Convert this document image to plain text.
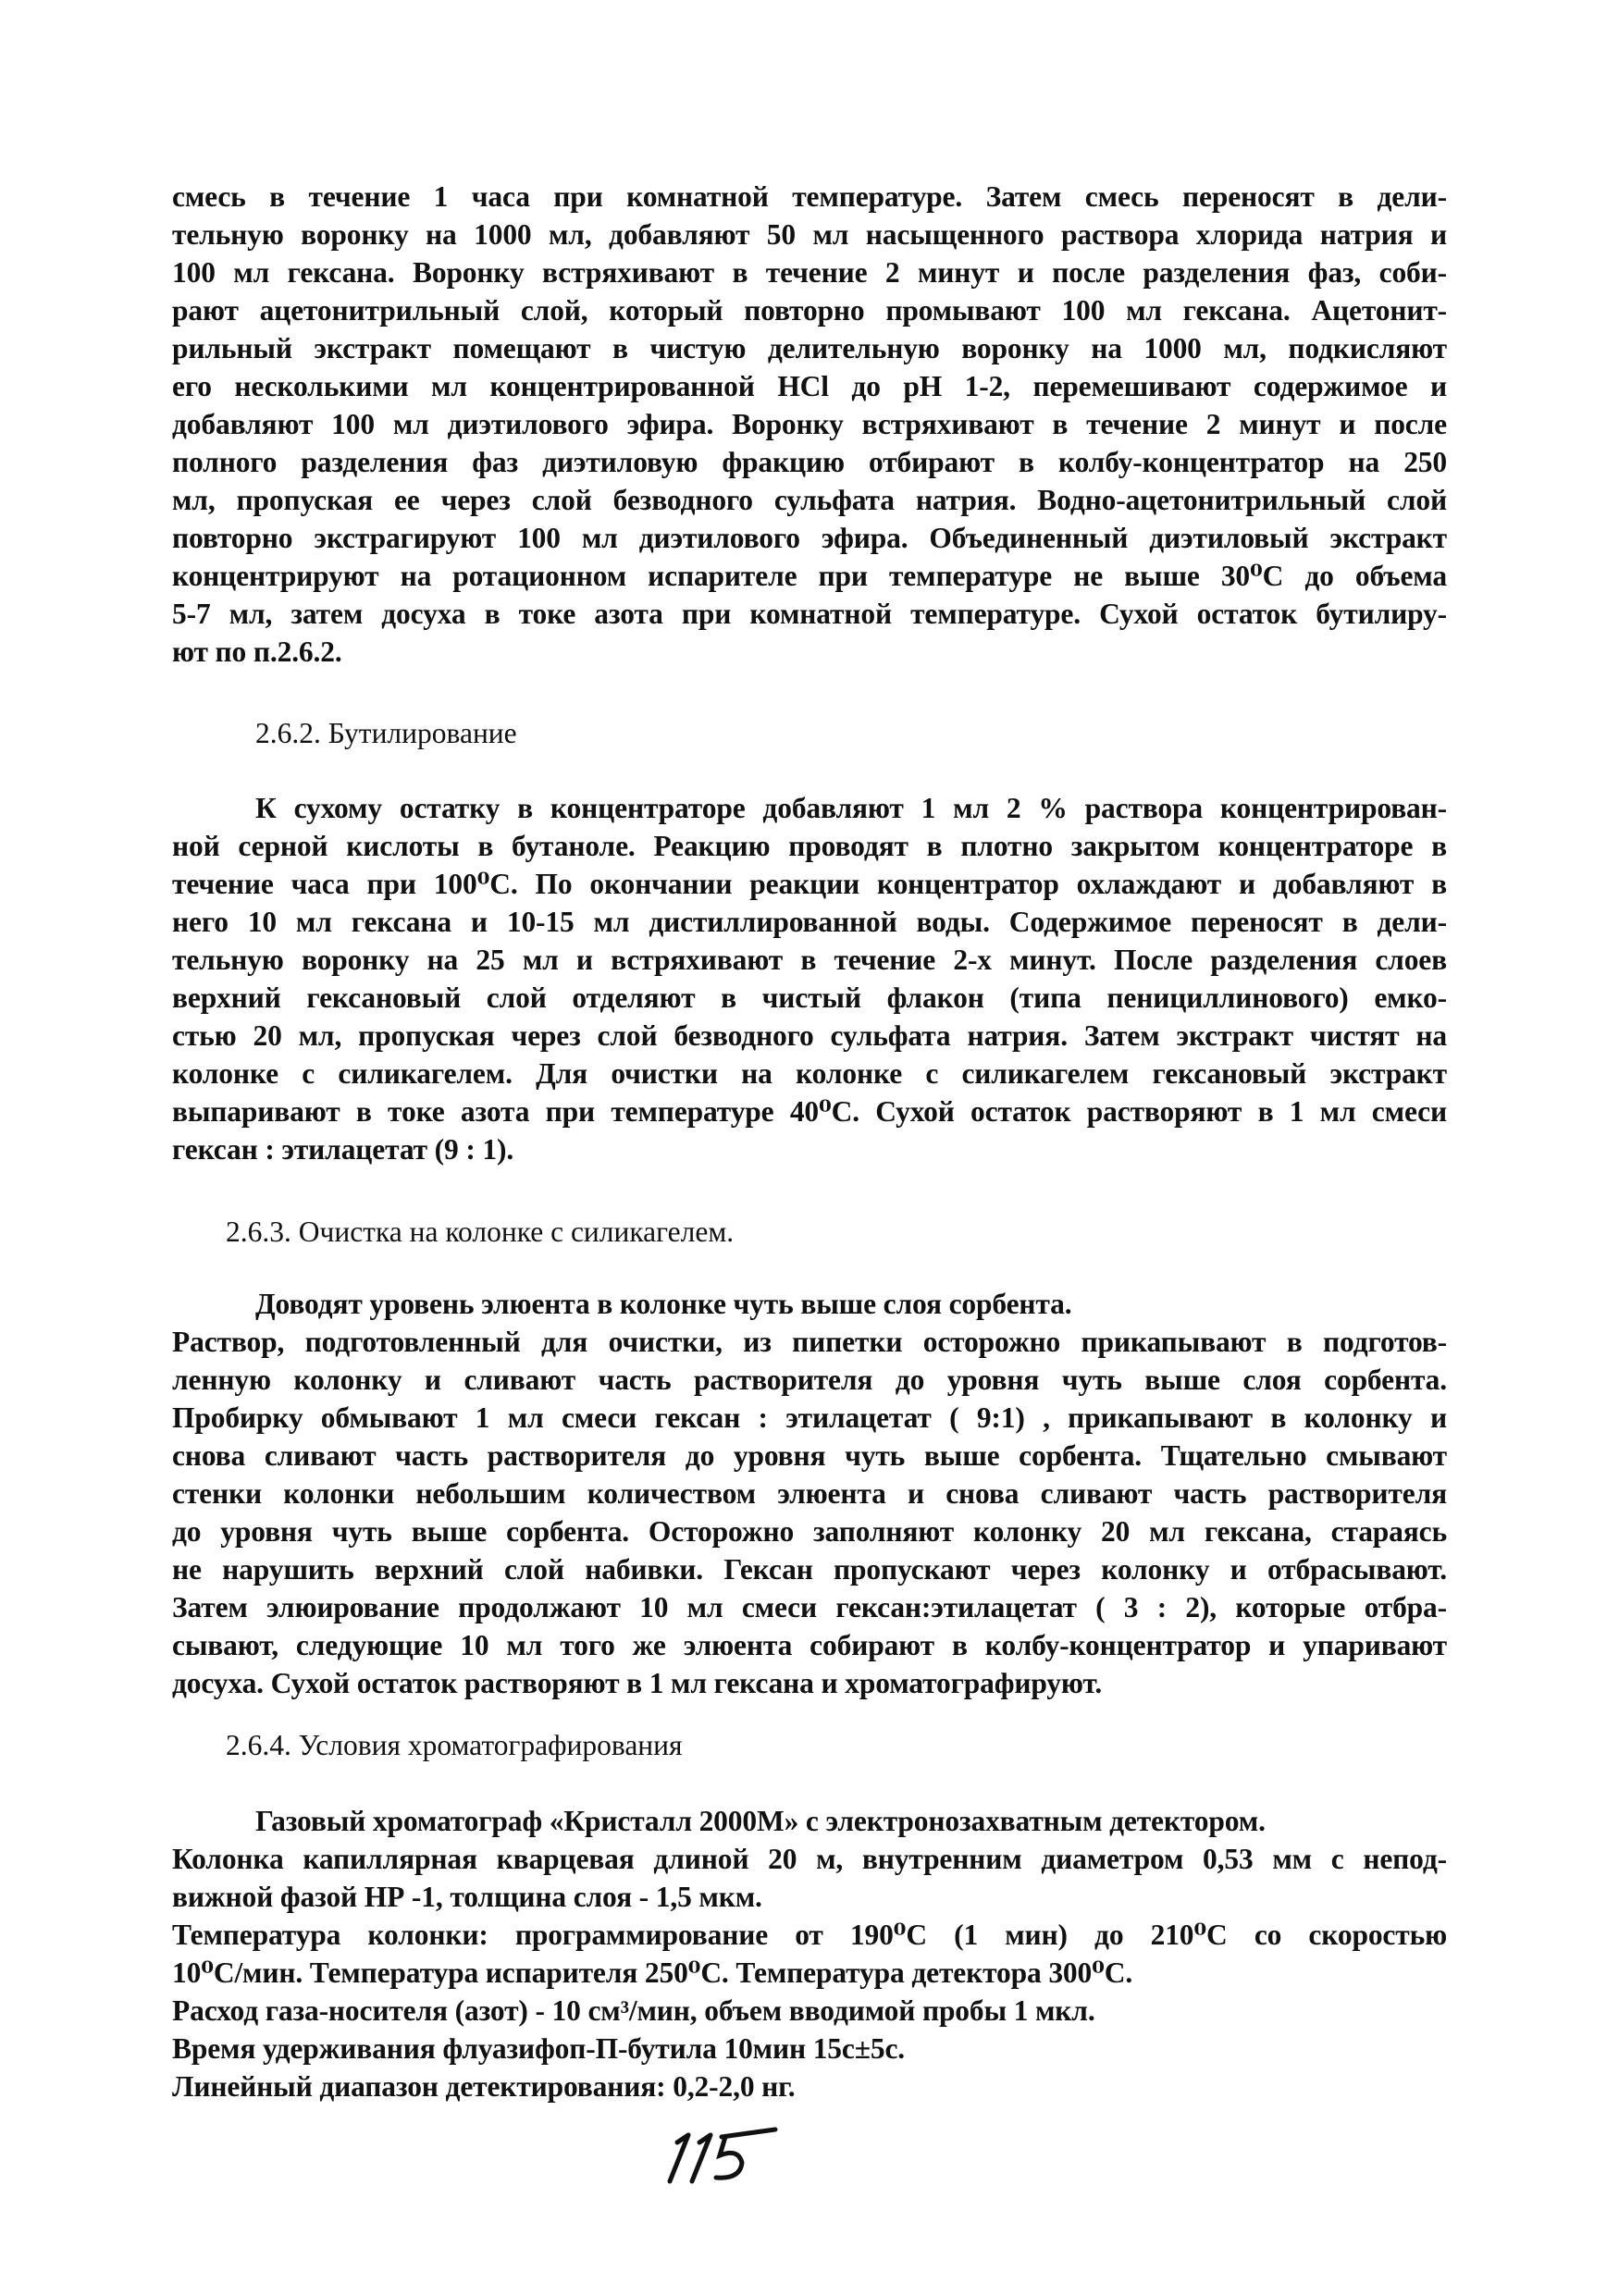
смесь в течение 1 часа при комнатной температуре. Затем смесь переносят в дели-
тельную воронку на 1000 мл, добавляют 50 мл насыщенного раствора хлорида натрия и
100 мл гексана. Воронку встряхивают в течение 2 минут и после разделения фаз, соби-
рают ацетонитрильный слой, который повторно промывают 100 мл гексана. Ацетонит-
рильный экстракт помещают в чистую делительную воронку на 1000 мл, подкисляют
его несколькими мл концентрированной HCl до рН 1-2, перемешивают содержимое и
добавляют 100 мл диэтилового эфира. Воронку встряхивают в течение 2 минут и после
полного разделения фаз диэтиловую фракцию отбирают в колбу-концентратор на 250
мл, пропуская ее через слой безводного сульфата натрия. Водно-ацетонитрильный слой
повторно экстрагируют 100 мл диэтилового эфира. Объединенный диэтиловый экстракт
концентрируют на ротационном испарителе при температуре не выше 30⁰С до объема
5-7 мл, затем досуха в токе азота при комнатной температуре. Сухой остаток бутилиру-
ют по п.2.6.2.
2.6.2. Бутилирование
К сухому остатку в концентраторе добавляют 1 мл 2 % раствора концентрирован-
ной серной кислоты в бутаноле. Реакцию проводят в плотно закрытом концентраторе в
течение часа при 100⁰С. По окончании реакции концентратор охлаждают и добавляют в
него 10 мл гексана и 10-15 мл дистиллированной воды. Содержимое переносят в дели-
тельную воронку на 25 мл и встряхивают в течение 2-х минут. После разделения слоев
верхний гексановый слой отделяют в чистый флакон (типа пенициллинового) емко-
стью 20 мл, пропуская через слой безводного сульфата натрия. Затем экстракт чистят на
колонке с силикагелем. Для очистки на колонке с силикагелем гексановый экстракт
выпаривают в токе азота при температуре 40⁰С. Сухой остаток растворяют в 1 мл смеси
гексан : этилацетат (9 : 1).
2.6.3. Очистка на колонке с силикагелем.
Доводят уровень элюента в колонке чуть выше слоя сорбента.
Раствор, подготовленный для очистки, из пипетки осторожно прикапывают в подготов-
ленную колонку и сливают часть растворителя до уровня чуть выше слоя сорбента.
Пробирку обмывают 1 мл смеси гексан : этилацетат ( 9:1) , прикапывают в колонку и
снова сливают часть растворителя до уровня чуть выше сорбента. Тщательно смывают
стенки колонки небольшим количеством элюента и снова сливают часть растворителя
до уровня чуть выше сорбента. Осторожно заполняют колонку 20 мл гексана, стараясь
не нарушить верхний слой набивки. Гексан пропускают через колонку и отбрасывают.
Затем элюирование продолжают 10 мл смеси гексан:этилацетат ( 3 : 2), которые отбра-
сывают, следующие 10 мл того же элюента собирают в колбу-концентратор и упаривают
досуха. Сухой остаток растворяют в 1 мл гексана и хроматографируют.
2.6.4. Условия хроматографирования
Газовый хроматограф «Кристалл 2000М» с электронозахватным детектором.
Колонка капиллярная кварцевая длиной 20 м, внутренним диаметром 0,53 мм с непод-
вижной фазой НР -1, толщина слоя - 1,5 мкм.
Температура колонки: программирование от 190⁰С (1 мин) до 210⁰С со скоростью
10⁰С/мин. Температура испарителя 250⁰С. Температура детектора 300⁰С.
Расход газа-носителя (азот) - 10 см³/мин, объем вводимой пробы 1 мкл.
Время удерживания флуазифоп-П-бутила 10мин 15с±5с.
Линейный диапазон детектирования: 0,2-2,0 нг.
